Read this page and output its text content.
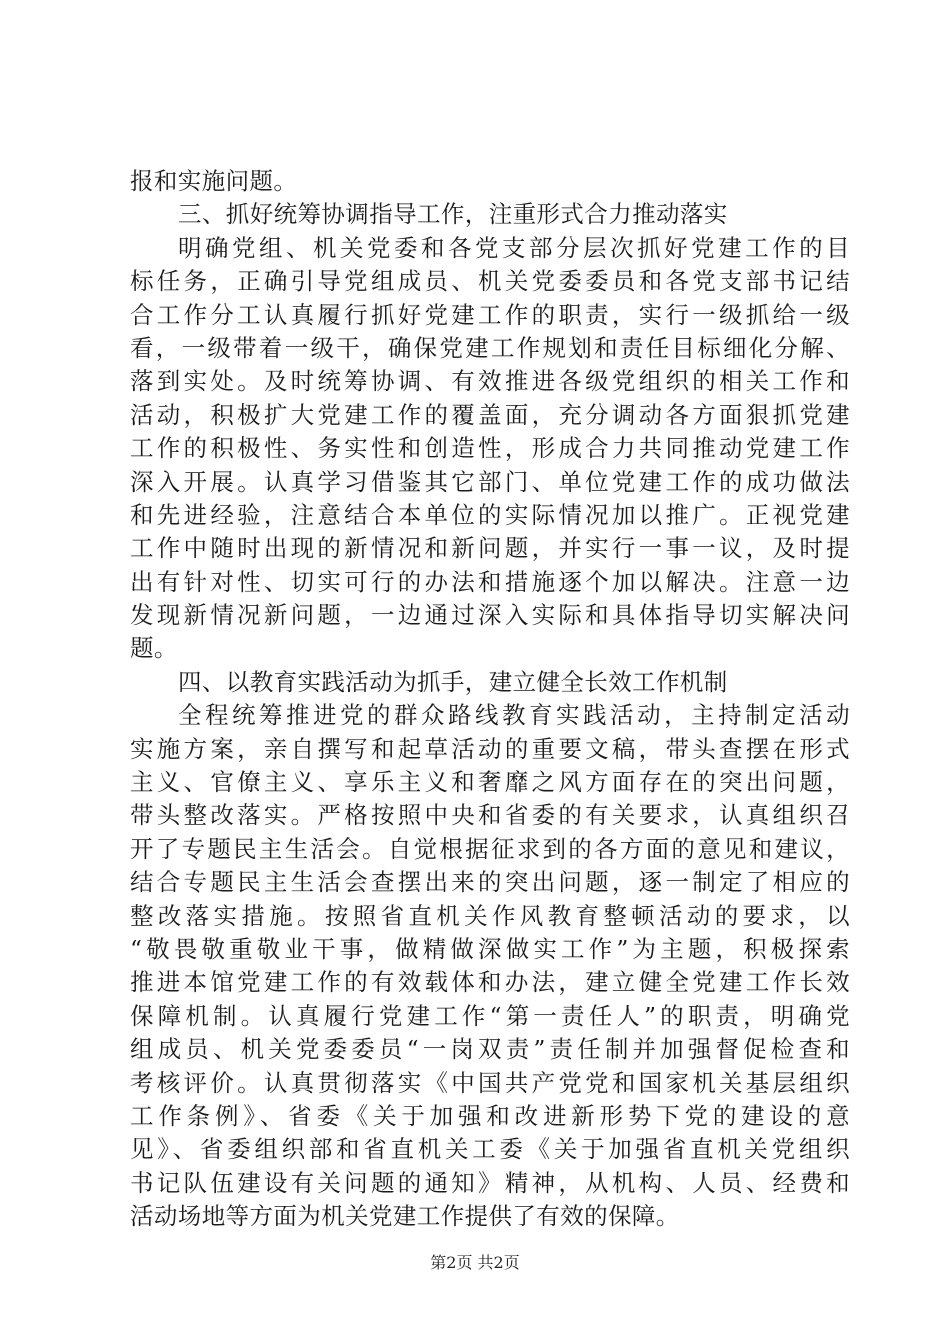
报和实施问题。
三、抓好统筹协调指导工作，注重形式合力推动落实
明确党组、机关党委和各党支部分层次抓好党建工作的目
标任务，正确引导党组成员、机关党委委员和各党支部书记结
合工作分工认真履行抓好党建工作的职责，实行一级抓给一级
看，一级带着一级干，确保党建工作规划和责任目标细化分解、
落到实处。及时统筹协调、有效推进各级党组织的相关工作和
活动，积极扩大党建工作的覆盖面，充分调动各方面狠抓党建
工作的积极性、务实性和创造性，形成合力共同推动党建工作
深入开展。认真学习借鉴其它部门、单位党建工作的成功做法
和先进经验，注意结合本单位的实际情况加以推广。正视党建
工作中随时出现的新情况和新问题，并实行一事一议，及时提
出有针对性、切实可行的办法和措施逐个加以解决。注意一边
发现新情况新问题，一边通过深入实际和具体指导切实解决问
题。
四、以教育实践活动为抓手，建立健全长效工作机制
全程统筹推进党的群众路线教育实践活动，主持制定活动
实施方案，亲自撰写和起草活动的重要文稿，带头查摆在形式
主义、官僚主义、享乐主义和奢靡之风方面存在的突出问题，
带头整改落实。严格按照中央和省委的有关要求，认真组织召
开了专题民主生活会。自觉根据征求到的各方面的意见和建议，
结合专题民主生活会查摆出来的突出问题，逐一制定了相应的
整改落实措施。按照省直机关作风教育整顿活动的要求，以
“敬畏敬重敬业干事，做精做深做实工作”为主题，积极探索
推进本馆党建工作的有效载体和办法，建立健全党建工作长效
保障机制。认真履行党建工作“第一责任人”的职责，明确党
组成员、机关党委委员“一岗双责”责任制并加强督促检查和
考核评价。认真贯彻落实《中国共产党党和国家机关基层组织
工作条例》、省委《关于加强和改进新形势下党的建设的意
见》、省委组织部和省直机关工委《关于加强省直机关党组织
书记队伍建设有关问题的通知》精神，从机构、人员、经费和
活动场地等方面为机关党建工作提供了有效的保障。
第2页 共2页
